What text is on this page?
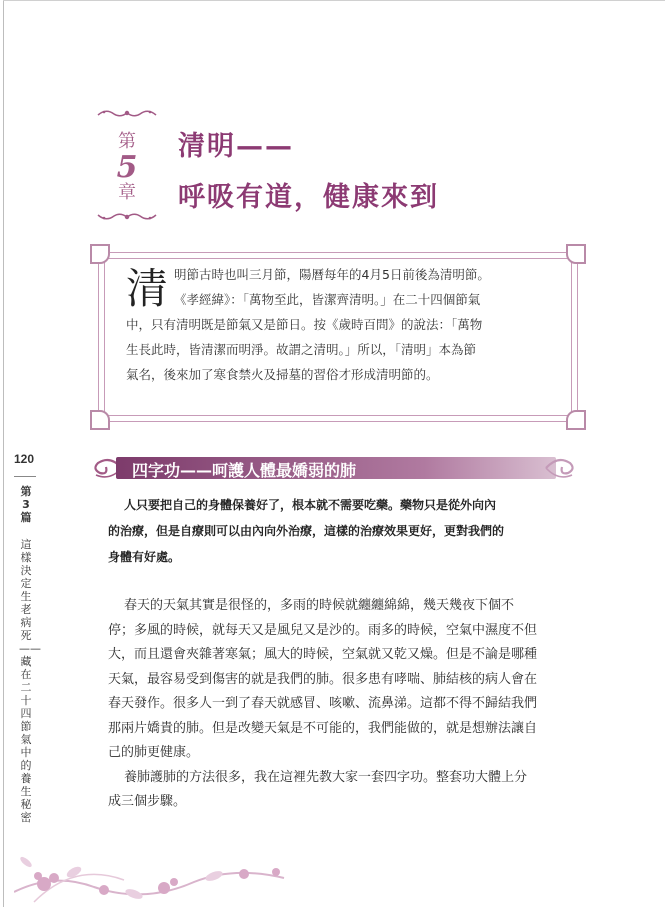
第
5
章
清明——
呼吸有道，健康來到
清 明節古時也叫三月節，陽曆每年的4月5日前後為清明節。
《孝經緯》：「萬物至此，皆潔齊清明。」在二十四個節氣
中，只有清明既是節氣又是節日。按《歲時百問》的說法：「萬物
生長此時，皆清潔而明淨。故謂之清明。」所以，「清明」本為節
氣名，後來加了寒食禁火及掃墓的習俗才形成清明節的。
120
第3篇
這樣決定生老病死——藏在二十四節氣中的養生秘密
四字功——呵護人體最嬌弱的肺
人只要把自己的身體保養好了，根本就不需要吃藥。藥物只是從外向內
的治療，但是自療則可以由內向外治療，這樣的治療效果更好，更對我們的
身體有好處。
春天的天氣其實是很怪的，多雨的時候就纏纏綿綿，幾天幾夜下個不
停；多風的時候，就每天又是風兒又是沙的。雨多的時候，空氣中濕度不但
大，而且還會夾雜著寒氣；風大的時候，空氣就又乾又燥。但是不論是哪種
天氣，最容易受到傷害的就是我們的肺。很多患有哮喘、肺結核的病人會在
春天發作。很多人一到了春天就感冒、咳嗽、流鼻涕。這都不得不歸結我們
那兩片嬌貴的肺。但是改變天氣是不可能的，我們能做的，就是想辦法讓自
己的肺更健康。
養肺護肺的方法很多，我在這裡先教大家一套四字功。整套功大體上分
成三個步驟。
